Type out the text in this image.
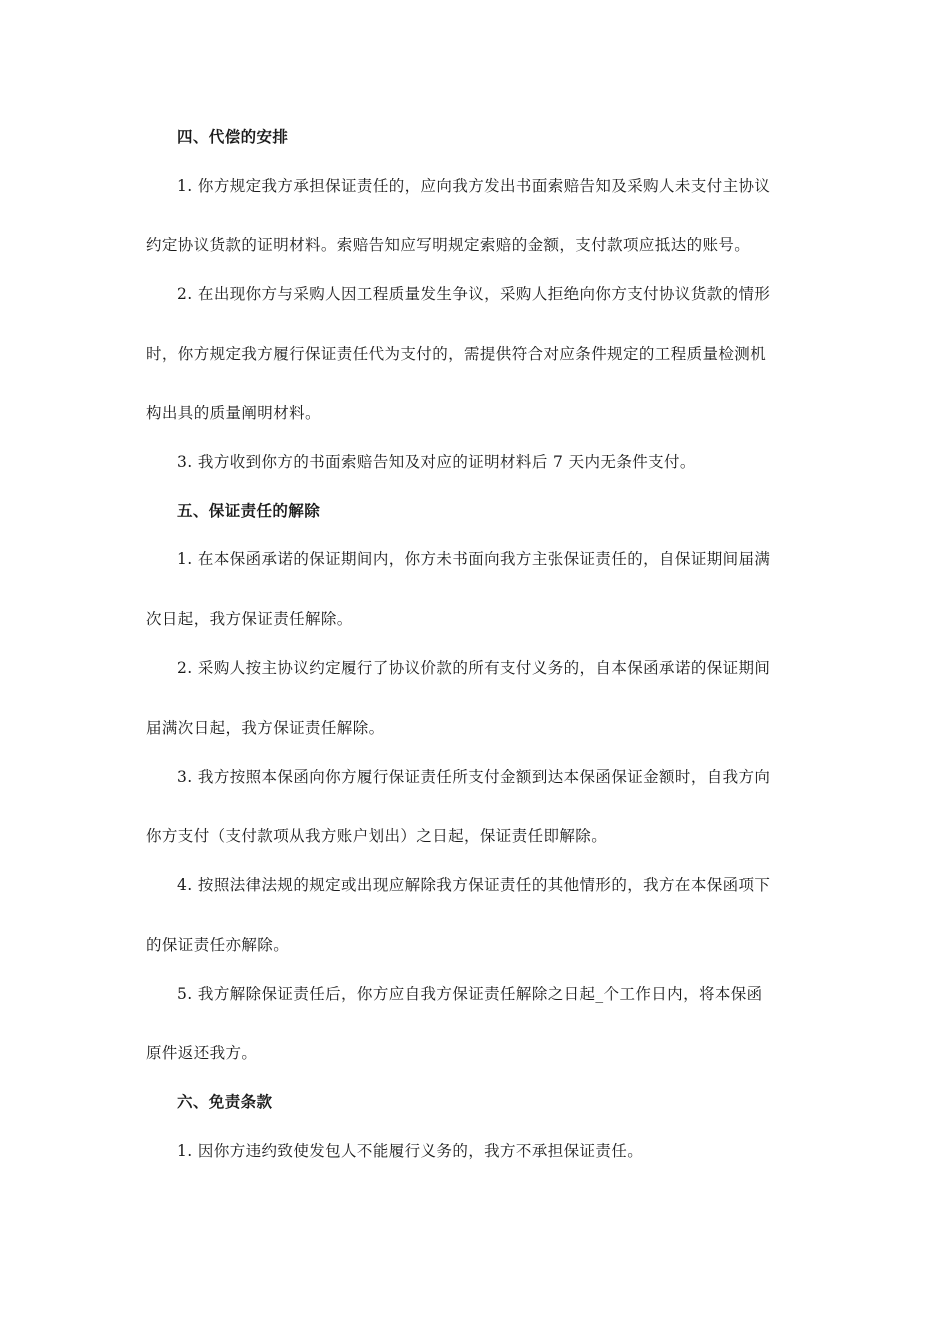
四、代偿的安排
1. 你方规定我方承担保证责任的，应向我方发出书面索赔告知及采购人未支付主协议
约定协议货款的证明材料。索赔告知应写明规定索赔的金额，支付款项应抵达的账号。
2. 在出现你方与采购人因工程质量发生争议，采购人拒绝向你方支付协议货款的情形
时，你方规定我方履行保证责任代为支付的，需提供符合对应条件规定的工程质量检测机
构出具的质量阐明材料。
3. 我方收到你方的书面索赔告知及对应的证明材料后 7 天内无条件支付。
五、保证责任的解除
1. 在本保函承诺的保证期间内，你方未书面向我方主张保证责任的，自保证期间届满
次日起，我方保证责任解除。
2. 采购人按主协议约定履行了协议价款的所有支付义务的，自本保函承诺的保证期间
届满次日起，我方保证责任解除。
3. 我方按照本保函向你方履行保证责任所支付金额到达本保函保证金额时，自我方向
你方支付（支付款项从我方账户划出）之日起，保证责任即解除。
4. 按照法律法规的规定或出现应解除我方保证责任的其他情形的，我方在本保函项下
的保证责任亦解除。
5. 我方解除保证责任后，你方应自我方保证责任解除之日起_个工作日内，将本保函
原件返还我方。
六、免责条款
1. 因你方违约致使发包人不能履行义务的，我方不承担保证责任。
